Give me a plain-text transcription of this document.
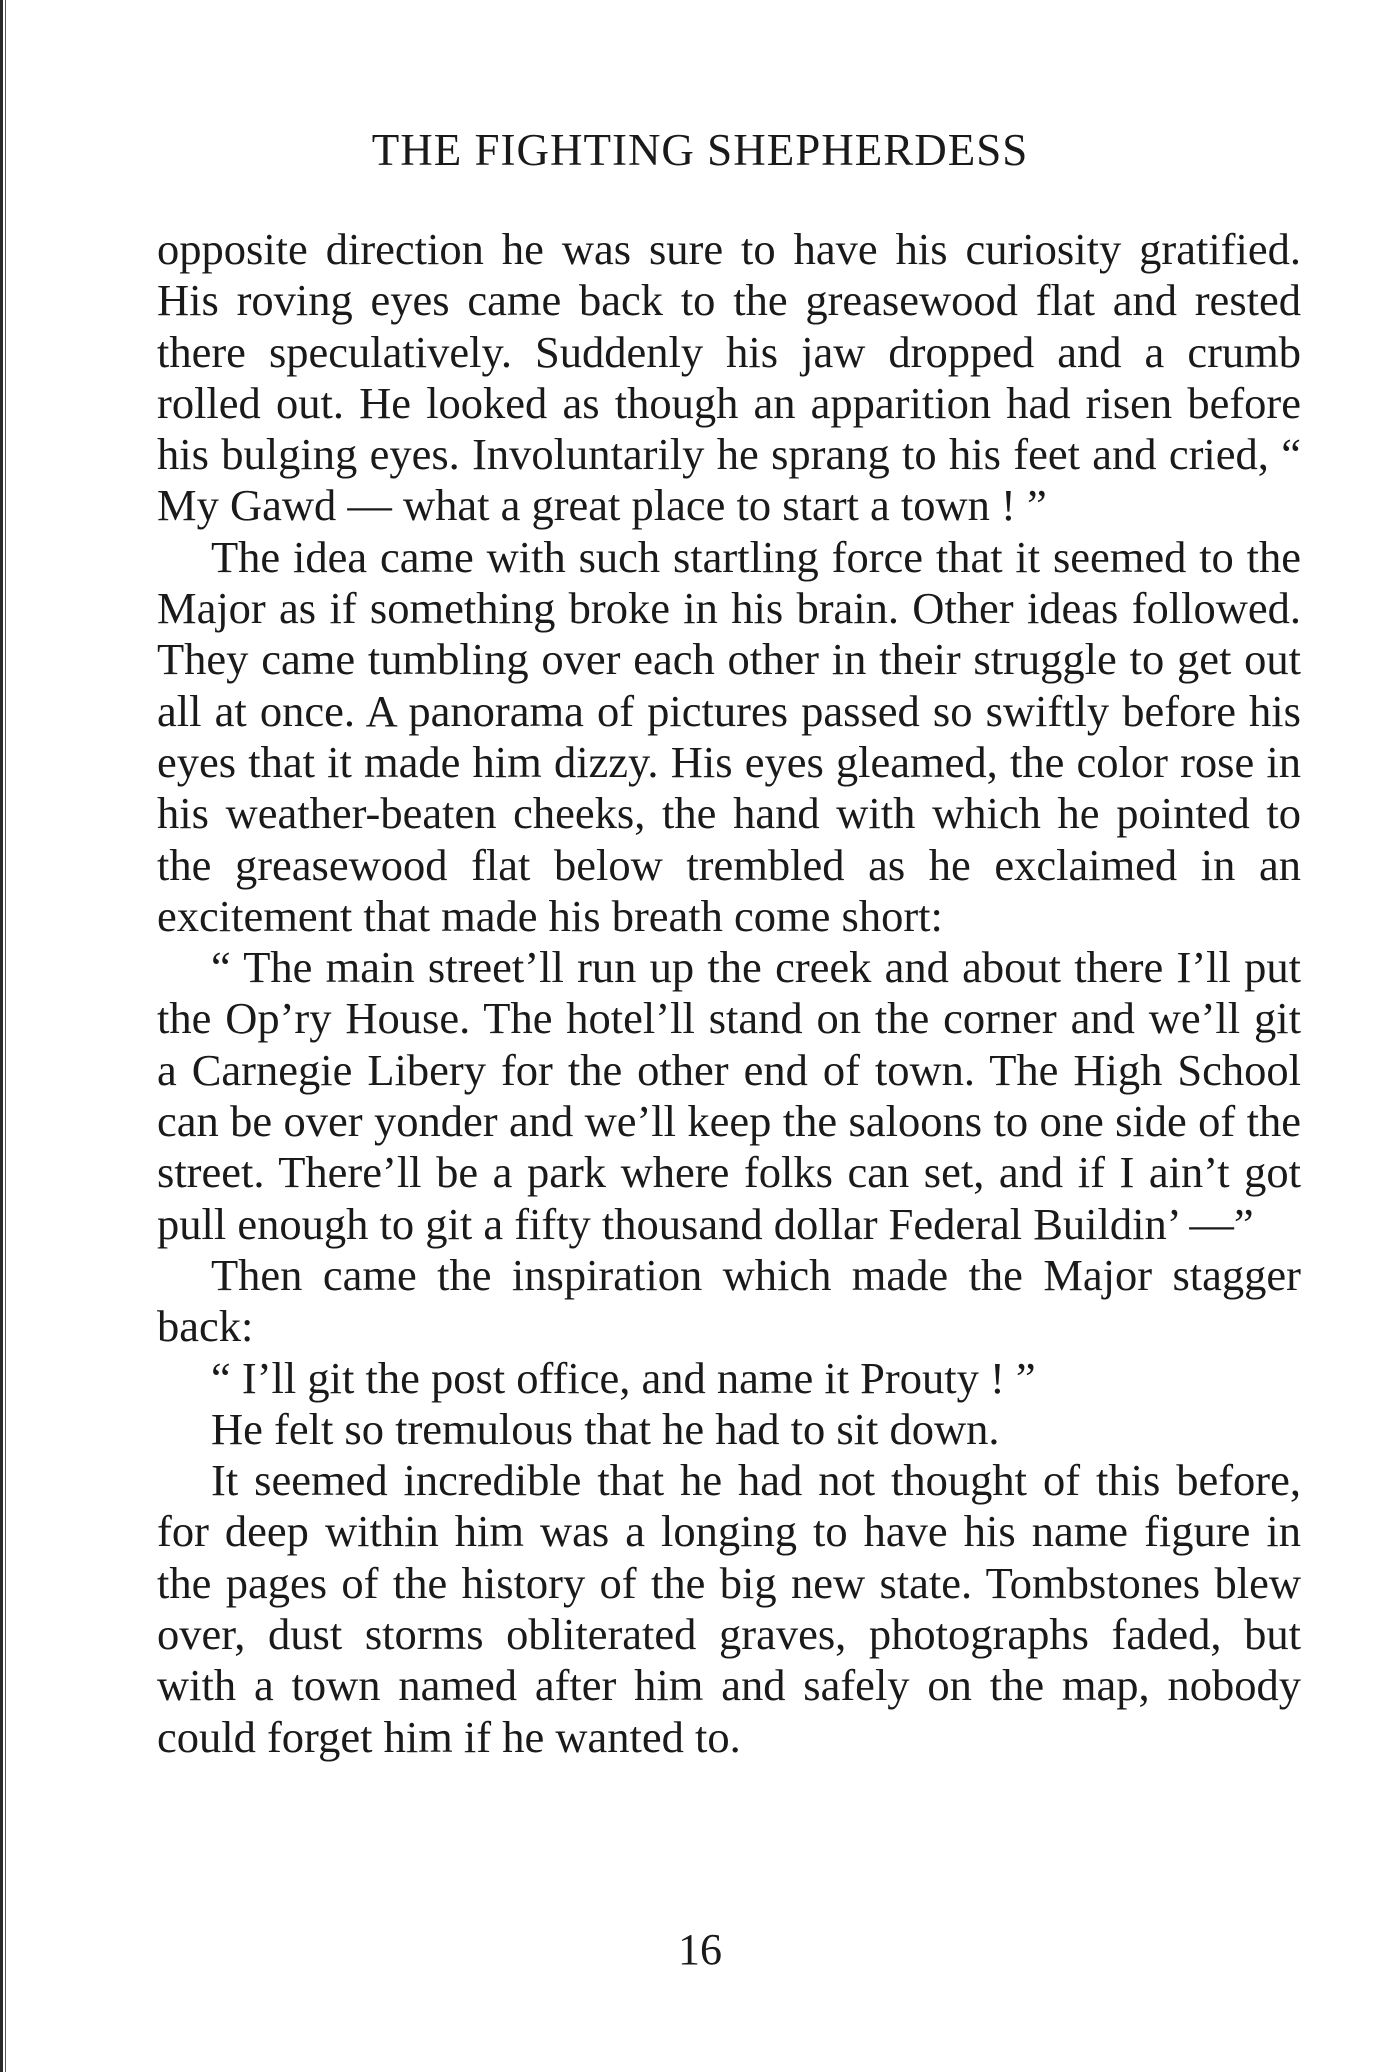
THE FIGHTING SHEPHERDESS

opposite direction he was sure to have his curiosity gratified. His roving eyes came back to the greasewood flat and rested there speculatively. Suddenly his jaw dropped and a crumb rolled out. He looked as though an apparition had risen before his bulging eyes. Involuntarily he sprang to his feet and cried, “ My Gawd — what a great place to start a town ! ”

The idea came with such startling force that it seemed to the Major as if something broke in his brain. Other ideas followed. They came tumbling over each other in their struggle to get out all at once. A panorama of pictures passed so swiftly before his eyes that it made him dizzy. His eyes gleamed, the color rose in his weather-beaten cheeks, the hand with which he pointed to the greasewood flat below trembled as he exclaimed in an excitement that made his breath come short:

“ The main street’ll run up the creek and about there I’ll put the Op’ry House. The hotel’ll stand on the corner and we’ll git a Carnegie Libery for the other end of town. The High School can be over yonder and we’ll keep the saloons to one side of the street. There’ll be a park where folks can set, and if I ain’t got pull enough to git a fifty thousand dollar Federal Buildin’ —”

Then came the inspiration which made the Major stagger back:

“ I’ll git the post office, and name it Prouty ! ”

He felt so tremulous that he had to sit down.

It seemed incredible that he had not thought of this before, for deep within him was a longing to have his name figure in the pages of the history of the big new state. Tombstones blew over, dust storms obliterated graves, photographs faded, but with a town named after him and safely on the map, nobody could forget him if he wanted to.

16
